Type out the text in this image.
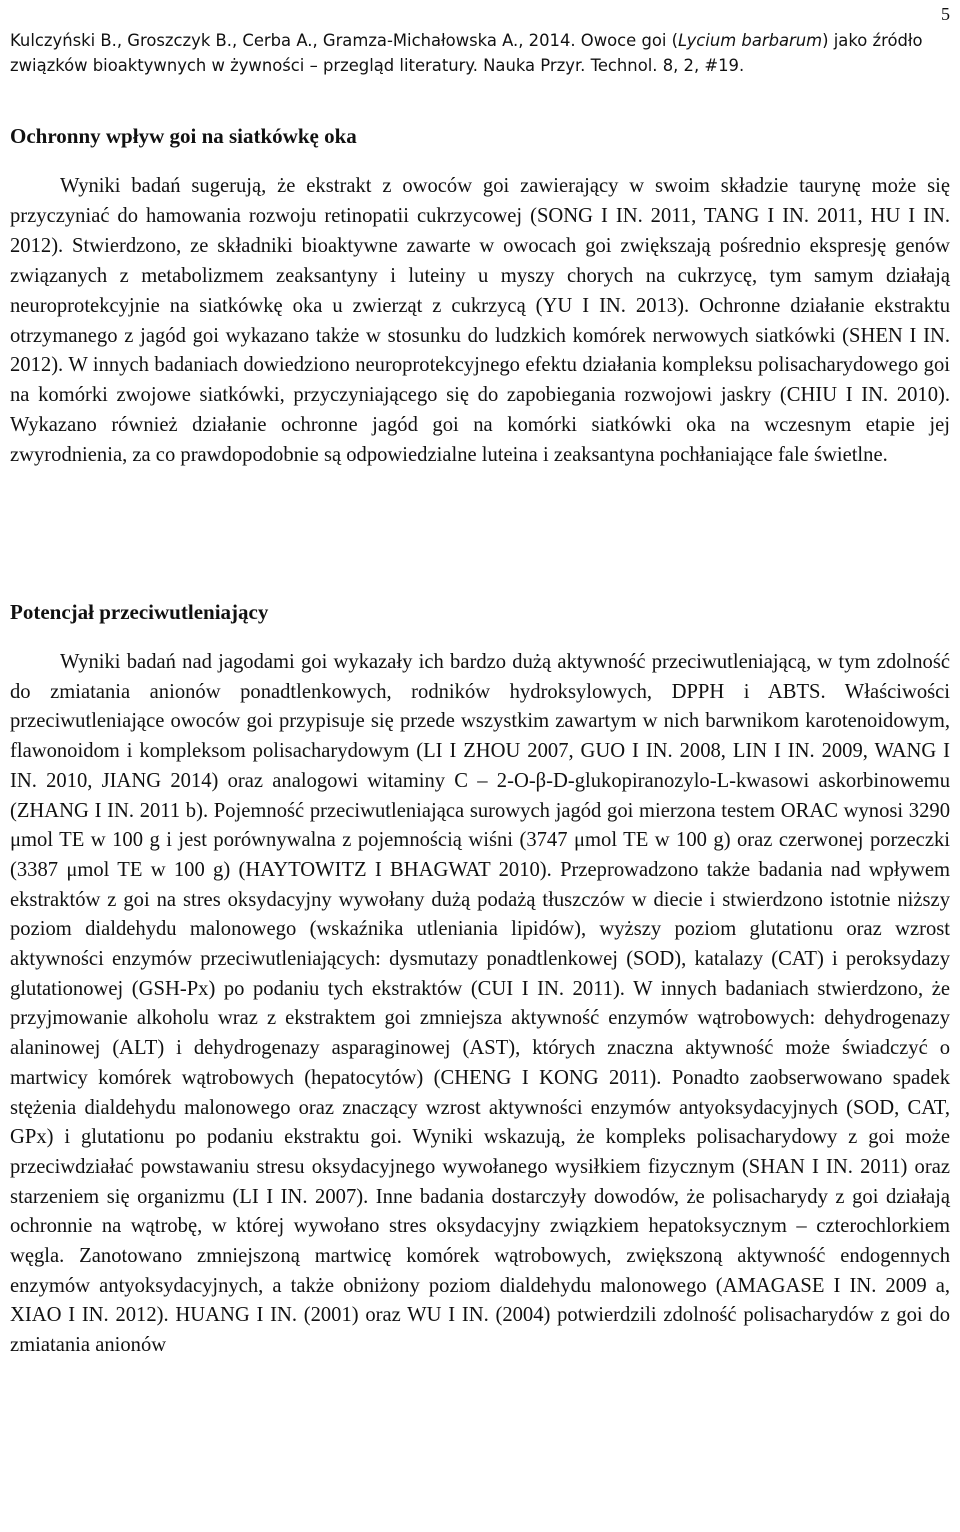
5
Kulczyński B., Groszczyk B., Cerba A., Gramza-Michałowska A., 2014. Owoce goi (Lycium barbarum) jako źródło związków bioaktywnych w żywności – przegląd literatury. Nauka Przyr. Technol. 8, 2, #19.
Ochronny wpływ goi na siatkówkę oka
Wyniki badań sugerują, że ekstrakt z owoców goi zawierający w swoim składzie taurynę może się przyczyniać do hamowania rozwoju retinopatii cukrzycowej (SONG I IN. 2011, TANG I IN. 2011, HU I IN. 2012). Stwierdzono, ze składniki bioaktywne zawarte w owocach goi zwiększają pośrednio ekspresję genów związanych z metabolizmem zeaksantyny i luteiny u myszy chorych na cukrzycę, tym samym działają neuroprotekcyjnie na siatkówkę oka u zwierząt z cukrzycą (YU I IN. 2013). Ochronne działanie ekstraktu otrzymanego z jagód goi wykazano także w stosunku do ludzkich komórek nerwowych siatkówki (SHEN I IN. 2012). W innych badaniach dowiedziono neuroprotekcyjnego efektu działania kompleksu polisacharydowego goi na komórki zwojowe siatkówki, przyczyniającego się do zapobiegania rozwojowi jaskry (CHIU I IN. 2010). Wykazano również działanie ochronne jagód goi na komórki siatkówki oka na wczesnym etapie jej zwyrodnienia, za co prawdopodobnie są odpowiedzialne luteina i zeaksantyna pochłaniające fale świetlne.
Potencjał przeciwutleniający
Wyniki badań nad jagodami goi wykazały ich bardzo dużą aktywność przeciwutleniającą, w tym zdolność do zmiatania anionów ponadtlenkowych, rodników hydroksylowych, DPPH i ABTS. Właściwości przeciwutleniające owoców goi przypisuje się przede wszystkim zawartym w nich barwnikom karotenoidowym, flawonoidom i kompleksom polisacharydowym (LI I ZHOU 2007, GUO I IN. 2008, LIN I IN. 2009, WANG I IN. 2010, JIANG 2014) oraz analogowi witaminy C – 2-O-β-D-glukopiranozylo-L-kwasowi askorbinowemu (ZHANG I IN. 2011 b). Pojemność przeciwutleniająca surowych jagód goi mierzona testem ORAC wynosi 3290 μmol TE w 100 g i jest porównywalna z pojemnością wiśni (3747 μmol TE w 100 g) oraz czerwonej porzeczki (3387 μmol TE w 100 g) (HAYTOWITZ I BHAGWAT 2010). Przeprowadzono także badania nad wpływem ekstraktów z goi na stres oksydacyjny wywołany dużą podażą tłuszczów w diecie i stwierdzono istotnie niższy poziom dialdehydu malonowego (wskaźnika utleniania lipidów), wyższy poziom glutationu oraz wzrost aktywności enzymów przeciwutleniających: dysmutazy ponadtlenkowej (SOD), katalazy (CAT) i peroksydazy glutationowej (GSH-Px) po podaniu tych ekstraktów (CUI I IN. 2011). W innych badaniach stwierdzono, że przyjmowanie alkoholu wraz z ekstraktem goi zmniejsza aktywność enzymów wątrobowych: dehydrogenazy alaninowej (ALT) i dehydrogenazy asparaginowej (AST), których znaczna aktywność może świadczyć o martwicy komórek wątrobowych (hepatocytów) (CHENG I KONG 2011). Ponadto zaobserwowano spadek stężenia dialdehydu malonowego oraz znaczący wzrost aktywności enzymów antyoksydacyjnych (SOD, CAT, GPx) i glutationu po podaniu ekstraktu goi. Wyniki wskazują, że kompleks polisacharydowy z goi może przeciwdziałać powstawaniu stresu oksydacyjnego wywołanego wysiłkiem fizycznym (SHAN I IN. 2011) oraz starzeniem się organizmu (LI I IN. 2007). Inne badania dostarczyły dowodów, że polisacharydy z goi działają ochronnie na wątrobę, w której wywołano stres oksydacyjny związkiem hepatoksycznym – czterochlorkiem węgla. Zanotowano zmniejszoną martwicę komórek wątrobowych, zwiększoną aktywność endogennych enzymów antyoksydacyjnych, a także obniżony poziom dialdehydu malonowego (AMAGASE I IN. 2009 a, XIAO I IN. 2012). HUANG I IN. (2001) oraz WU I IN. (2004) potwierdzili zdolność polisacharydów z goi do zmiatania anionów
